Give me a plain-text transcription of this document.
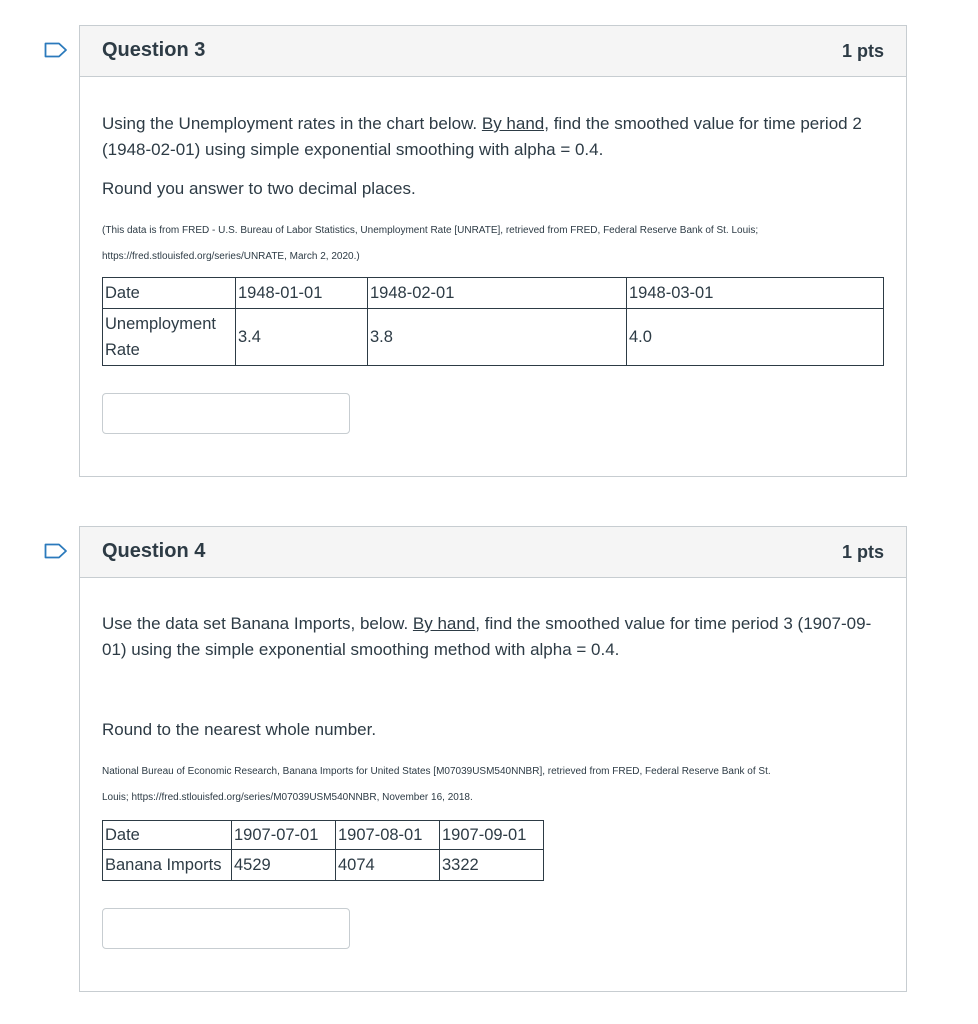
Question 3	1 pts

Using the Unemployment rates in the chart below. By hand, find the smoothed value for time period 2 (1948-02-01) using simple exponential smoothing with alpha = 0.4.

Round you answer to two decimal places.

(This data is from FRED - U.S. Bureau of Labor Statistics, Unemployment Rate [UNRATE], retrieved from FRED, Federal Reserve Bank of St. Louis;
https://fred.stlouisfed.org/series/UNRATE, March 2, 2020.)
Date	1948-01-01	1948-02-01	1948-03-01
Unemployment
Rate	3.4	3.8	4.0
Question 4	1 pts

Use the data set Banana Imports, below. By hand, find the smoothed value for time period 3 (1907-09-01) using the simple exponential smoothing method with alpha = 0.4.

Round to the nearest whole number.

National Bureau of Economic Research, Banana Imports for United States [M07039USM540NNBR], retrieved from FRED, Federal Reserve Bank of St.
Louis; https://fred.stlouisfed.org/series/M07039USM540NNBR, November 16, 2018.
Date	1907-07-01	1907-08-01	1907-09-01
Banana Imports	4529	4074	3322
